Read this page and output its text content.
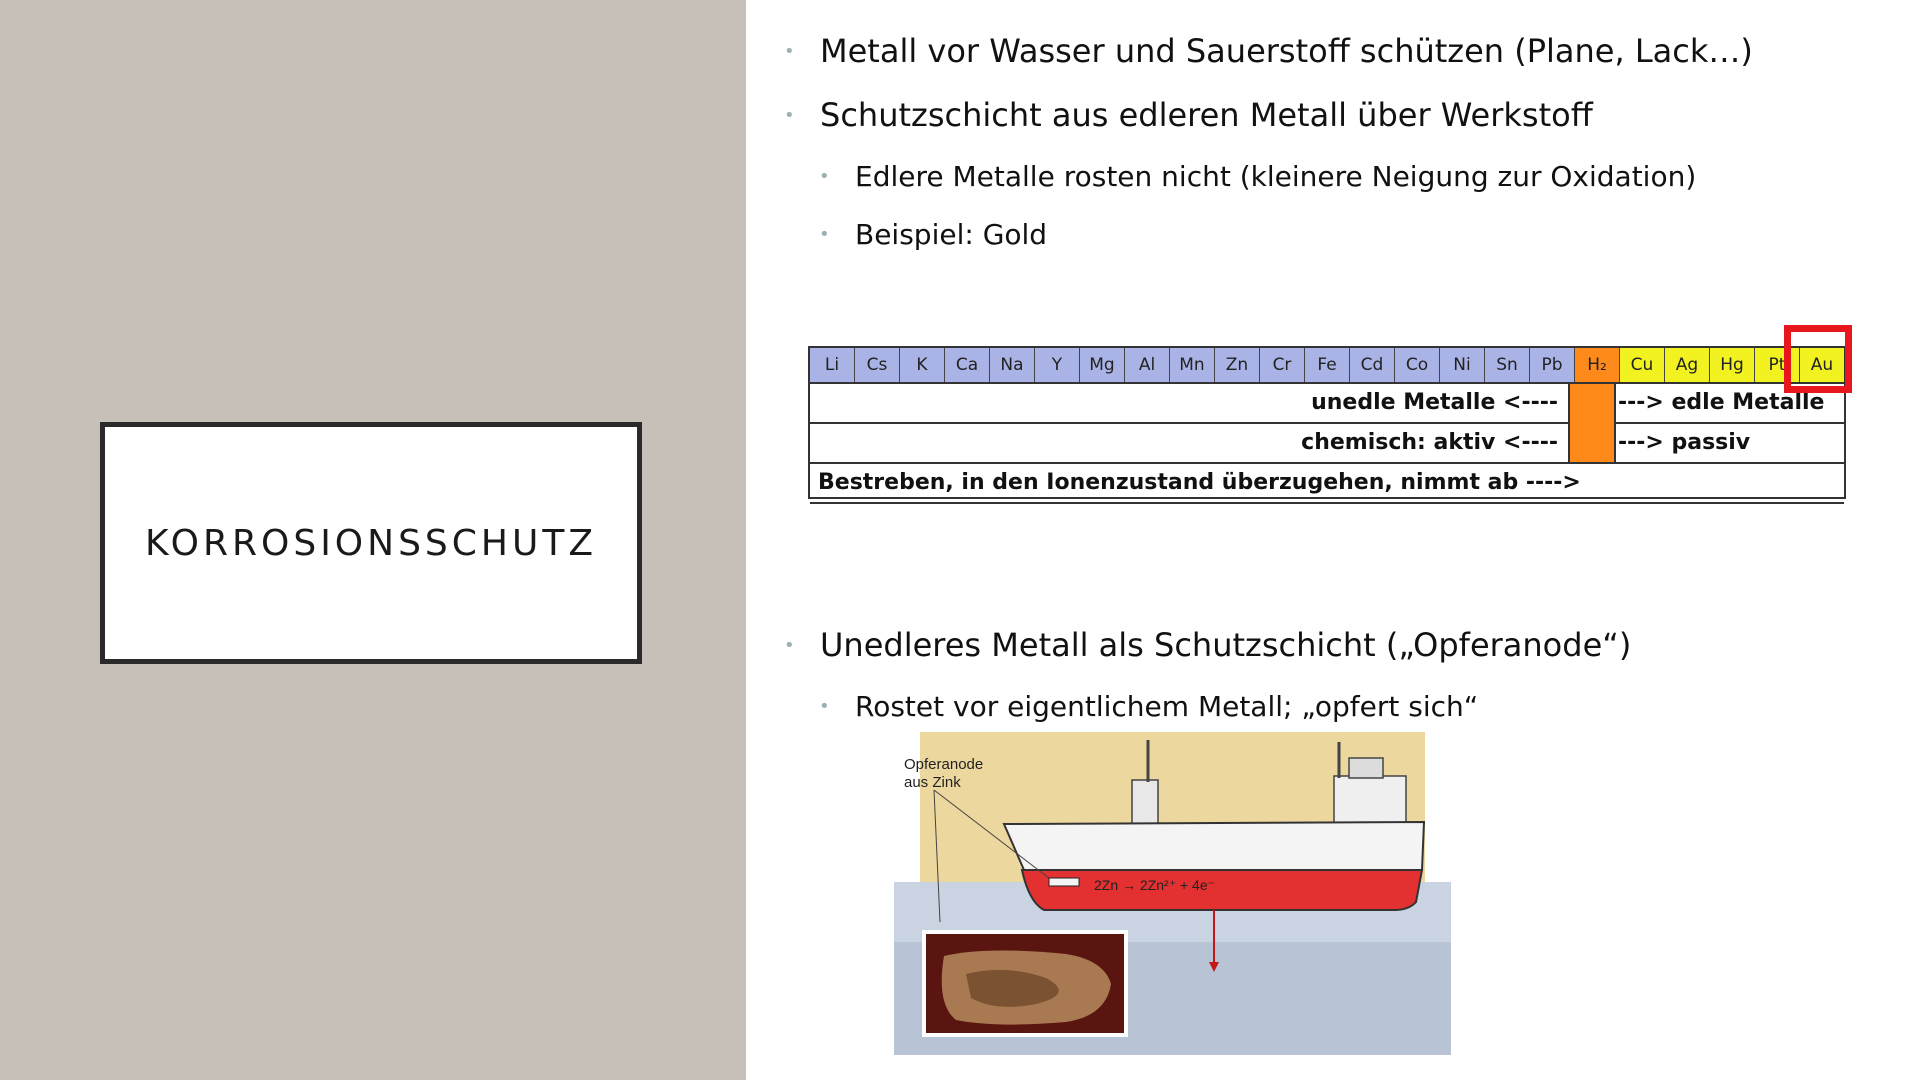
KORROSIONSSCHUTZ
• Metall vor Wasser und Sauerstoff schützen (Plane, Lack…)
• Schutzschicht aus edleren Metall über Werkstoff
• Edlere Metalle rosten nicht (kleinere Neigung zur Oxidation)
• Beispiel: Gold
• Unedleres Metall als Schutzschicht („Opferanode“)
• Rostet vor eigentlichem Metall; „opfert sich“
Li	Cs	K	Ca	Na	Y	Mg	Al	Mn	Zn	Cr	Fe	Cd	Co	Ni	Sn	Pb	H₂	Cu	Ag	Hg	Pt	Au
unedle Metalle <----	---> edle Metalle
chemisch: aktiv <----	---> passiv
Bestreben, in den Ionenzustand überzugehen, nimmt ab ---->
Opferanode
aus Zink
2Zn → 2Zn²⁺ + 4e⁻
